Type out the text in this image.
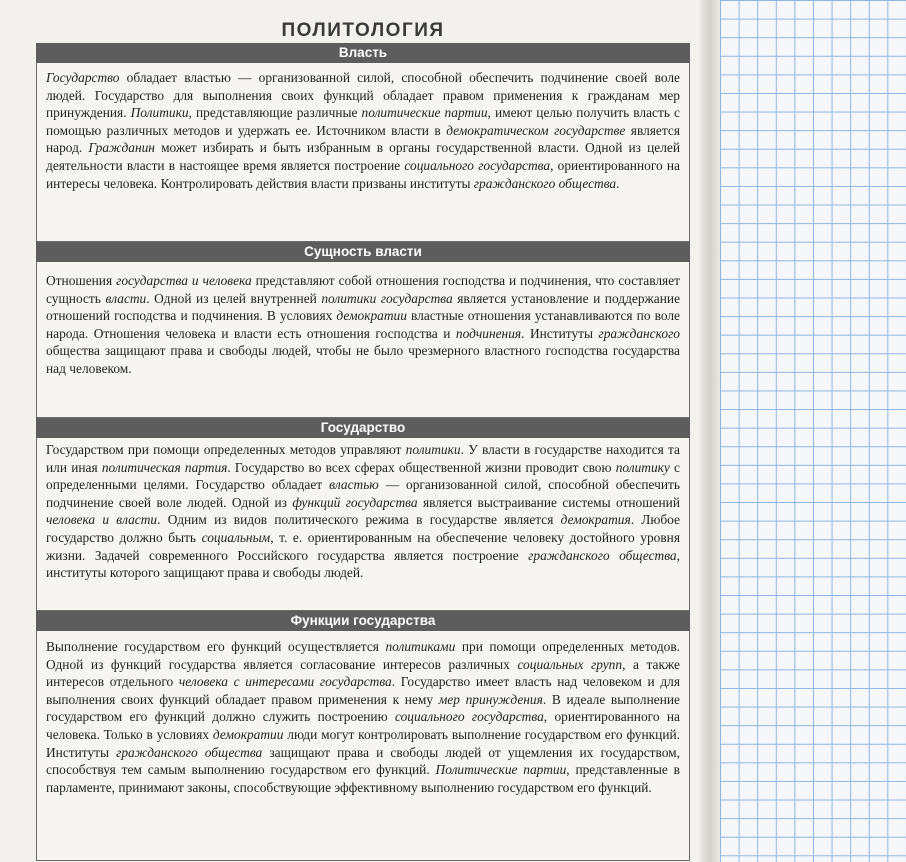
ПОЛИТОЛОГИЯ
Власть
Государство обладает властью — организованной силой, способной обеспечить подчинение своей воле людей. Государство для выполнения своих функций обладает правом применения к гражданам мер принуждения. Политики, представляющие различные политические партии, имеют целью получить власть с помощью различных методов и удержать ее. Источником власти в демократическом государстве является народ. Гражданин может избирать и быть избранным в органы государственной власти. Одной из целей деятельности власти в настоящее время является построение социального государства, ориентированного на интересы человека. Контролировать действия власти призваны институты гражданского общества.
Сущность власти
Отношения государства и человека представляют собой отношения господства и подчинения, что составляет сущность власти. Одной из целей внутренней политики государства является установление и поддержание отношений господства и подчинения. В условиях демократии властные отношения устанавливаются по воле народа. Отношения человека и власти есть отношения господства и подчинения. Институты гражданского общества защищают права и свободы людей, чтобы не было чрезмерного властного господства государства над человеком.
Государство
Государством при помощи определенных методов управляют политики. У власти в государстве находится та или иная политическая партия. Государство во всех сферах общественной жизни проводит свою политику с определенными целями. Государство обладает властью — организованной силой, способной обеспечить подчинение своей воле людей. Одной из функций государства является выстраивание системы отношений человека и власти. Одним из видов политического режима в государстве является демократия. Любое государство должно быть социальным, т. е. ориентированным на обеспечение человеку достойного уровня жизни. Задачей современного Российского государства является построение гражданского общества, институты которого защищают права и свободы людей.
Функции государства
Выполнение государством его функций осуществляется политиками при помощи определенных методов. Одной из функций государства является согласование интересов различных социальных групп, а также интересов отдельного человека с интересами государства. Государство имеет власть над человеком и для выполнения своих функций обладает правом применения к нему мер принуждения. В идеале выполнение государством его функций должно служить построению социального государства, ориентированного на человека. Только в условиях демократии люди могут контролировать выполнение государством его функций. Институты гражданского общества защищают права и свободы людей от ущемления их государством, способствуя тем самым выполнению государством его функций. Политические партии, представленные в парламенте, принимают законы, способствующие эффективному выполнению государством его функций.
